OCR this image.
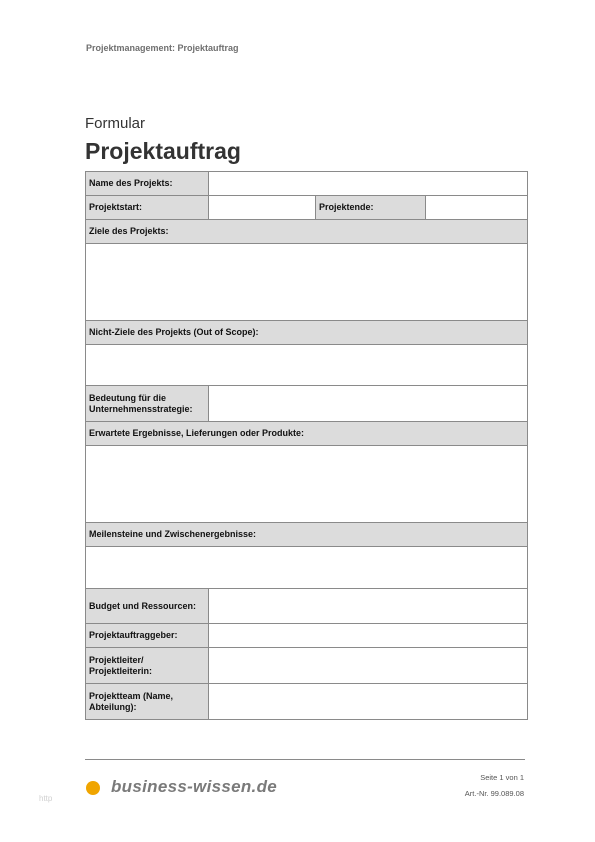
Projektmanagement: Projektauftrag
Formular
Projektauftrag
Name des Projekts:
Projektstart:	Projektende:
Ziele des Projekts:
Nicht-Ziele des Projekts (Out of Scope):
Bedeutung für die Unternehmensstrategie:
Erwartete Ergebnisse, Lieferungen oder Produkte:
Meilensteine und Zwischenergebnisse:
Budget und Ressourcen:
Projektauftraggeber:
Projektleiter/ Projektleiterin:
Projektteam (Name, Abteilung):
business-wissen.de	Seite 1 von 1
Art.-Nr. 99.089.08
http
